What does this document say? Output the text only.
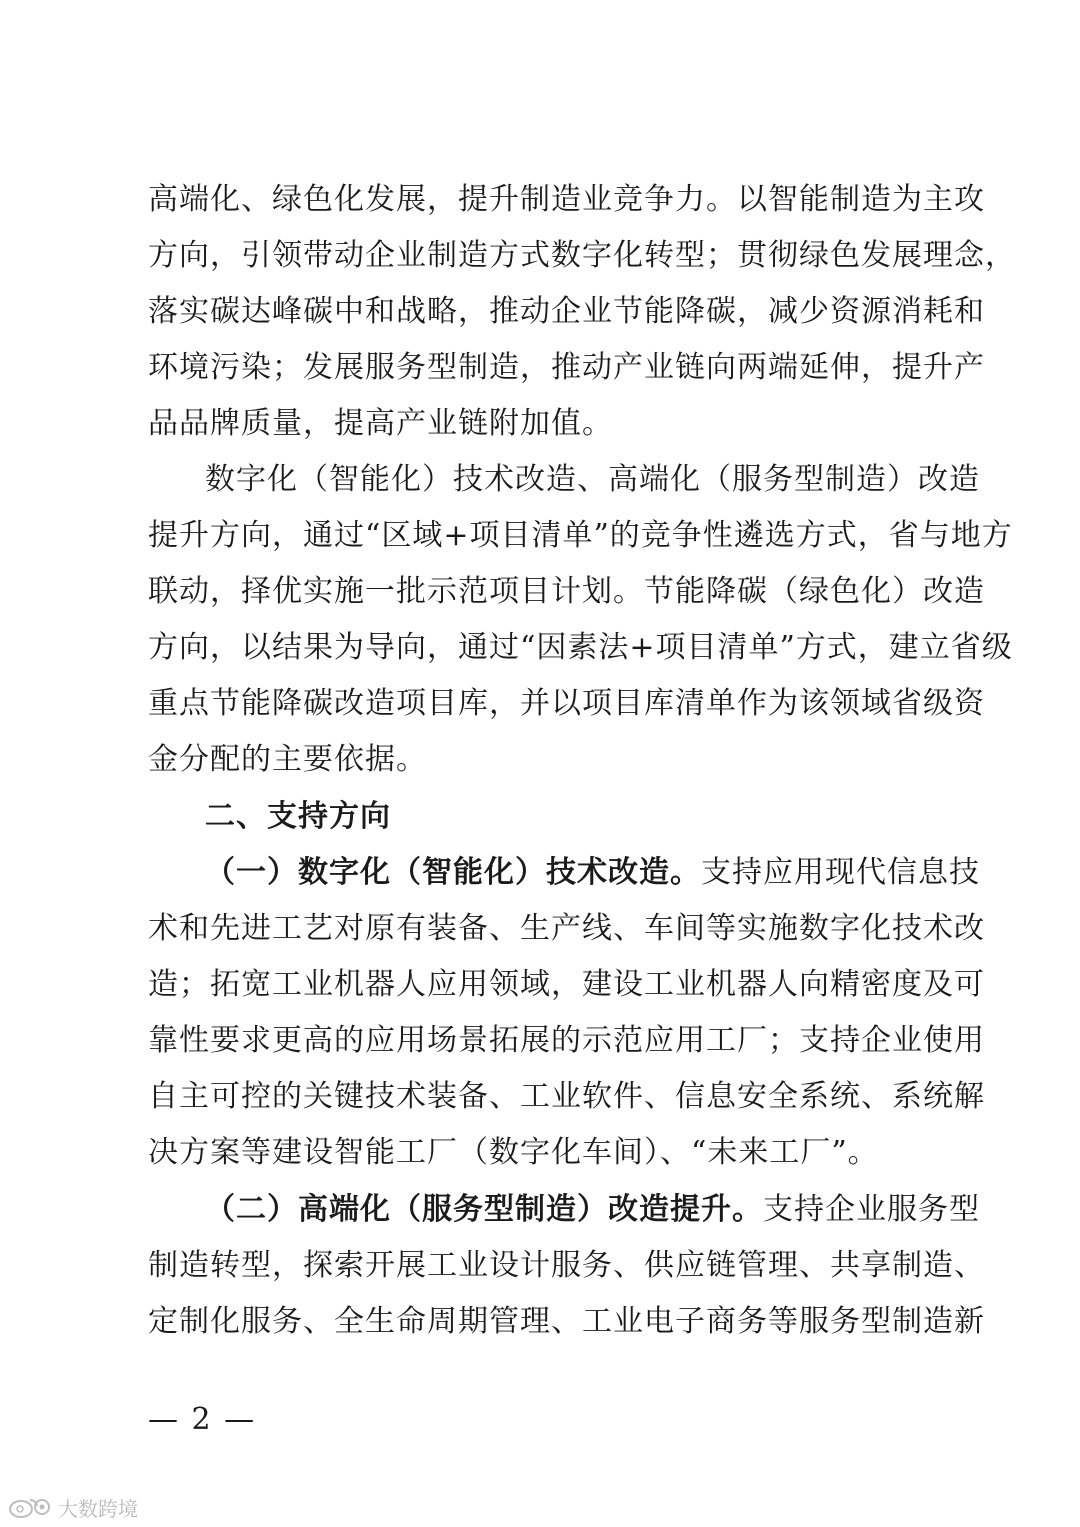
高端化、绿色化发展，提升制造业竞争力。以智能制造为主攻
方向，引领带动企业制造方式数字化转型；贯彻绿色发展理念，
落实碳达峰碳中和战略，推动企业节能降碳，减少资源消耗和
环境污染；发展服务型制造，推动产业链向两端延伸，提升产
品品牌质量，提高产业链附加值。
数字化（智能化）技术改造、高端化（服务型制造）改造
提升方向，通过“区域+项目清单”的竞争性遴选方式，省与地方
联动，择优实施一批示范项目计划。节能降碳（绿色化）改造
方向，以结果为导向，通过“因素法+项目清单”方式，建立省级
重点节能降碳改造项目库，并以项目库清单作为该领域省级资
金分配的主要依据。
二、支持方向
（一）数字化（智能化）技术改造。支持应用现代信息技
术和先进工艺对原有装备、生产线、车间等实施数字化技术改
造；拓宽工业机器人应用领域，建设工业机器人向精密度及可
靠性要求更高的应用场景拓展的示范应用工厂；支持企业使用
自主可控的关键技术装备、工业软件、信息安全系统、系统解
决方案等建设智能工厂（数字化车间）、“未来工厂”。
（二）高端化（服务型制造）改造提升。支持企业服务型
制造转型，探索开展工业设计服务、供应链管理、共享制造、
定制化服务、全生命周期管理、工业电子商务等服务型制造新
— 2 —
大数跨境
